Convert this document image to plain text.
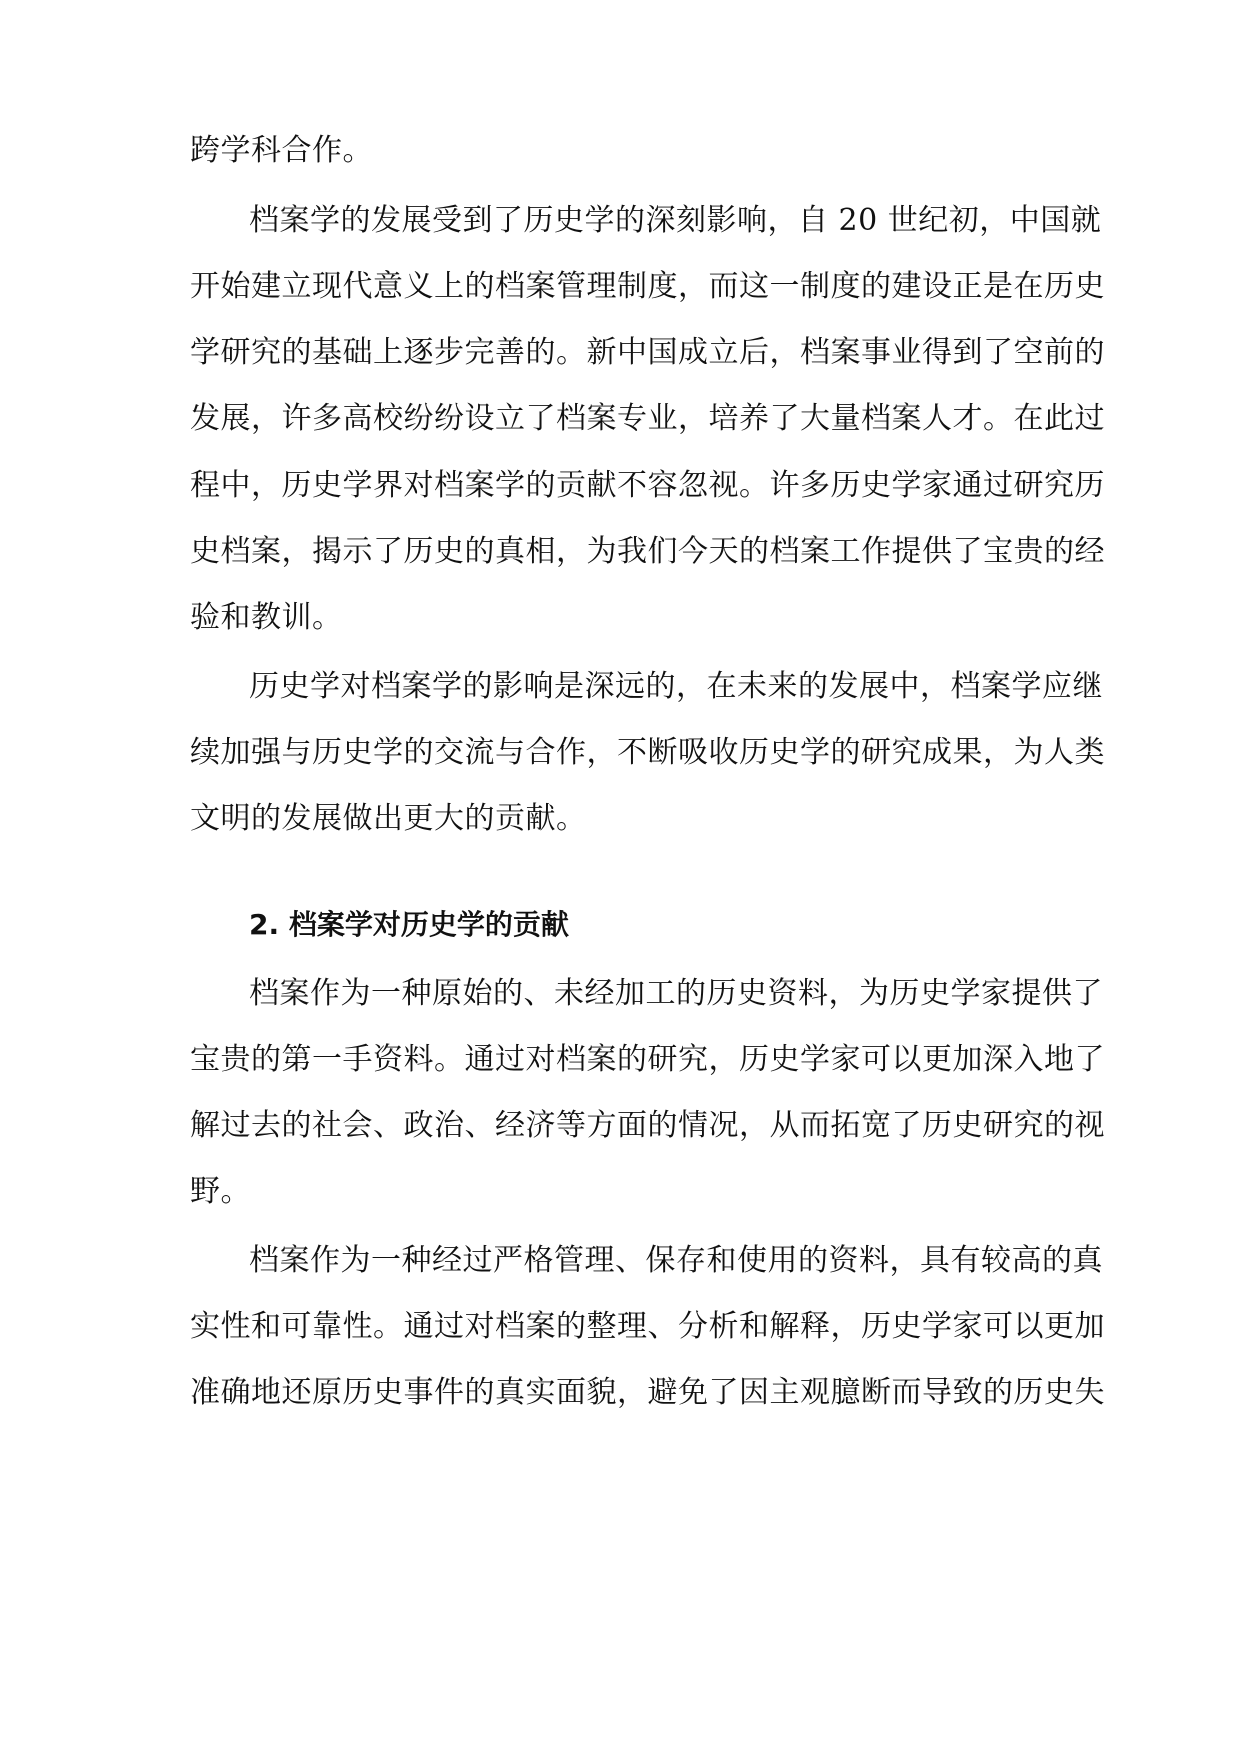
跨学科合作。
档案学的发展受到了历史学的深刻影响，自 20 世纪初，中国就
开始建立现代意义上的档案管理制度，而这一制度的建设正是在历史
学研究的基础上逐步完善的。新中国成立后，档案事业得到了空前的
发展，许多高校纷纷设立了档案专业，培养了大量档案人才。在此过
程中，历史学界对档案学的贡献不容忽视。许多历史学家通过研究历
史档案，揭示了历史的真相，为我们今天的档案工作提供了宝贵的经
验和教训。
历史学对档案学的影响是深远的，在未来的发展中，档案学应继
续加强与历史学的交流与合作，不断吸收历史学的研究成果，为人类
文明的发展做出更大的贡献。
2. 档案学对历史学的贡献
档案作为一种原始的、未经加工的历史资料，为历史学家提供了
宝贵的第一手资料。通过对档案的研究，历史学家可以更加深入地了
解过去的社会、政治、经济等方面的情况，从而拓宽了历史研究的视
野。
档案作为一种经过严格管理、保存和使用的资料，具有较高的真
实性和可靠性。通过对档案的整理、分析和解释，历史学家可以更加
准确地还原历史事件的真实面貌，避免了因主观臆断而导致的历史失
